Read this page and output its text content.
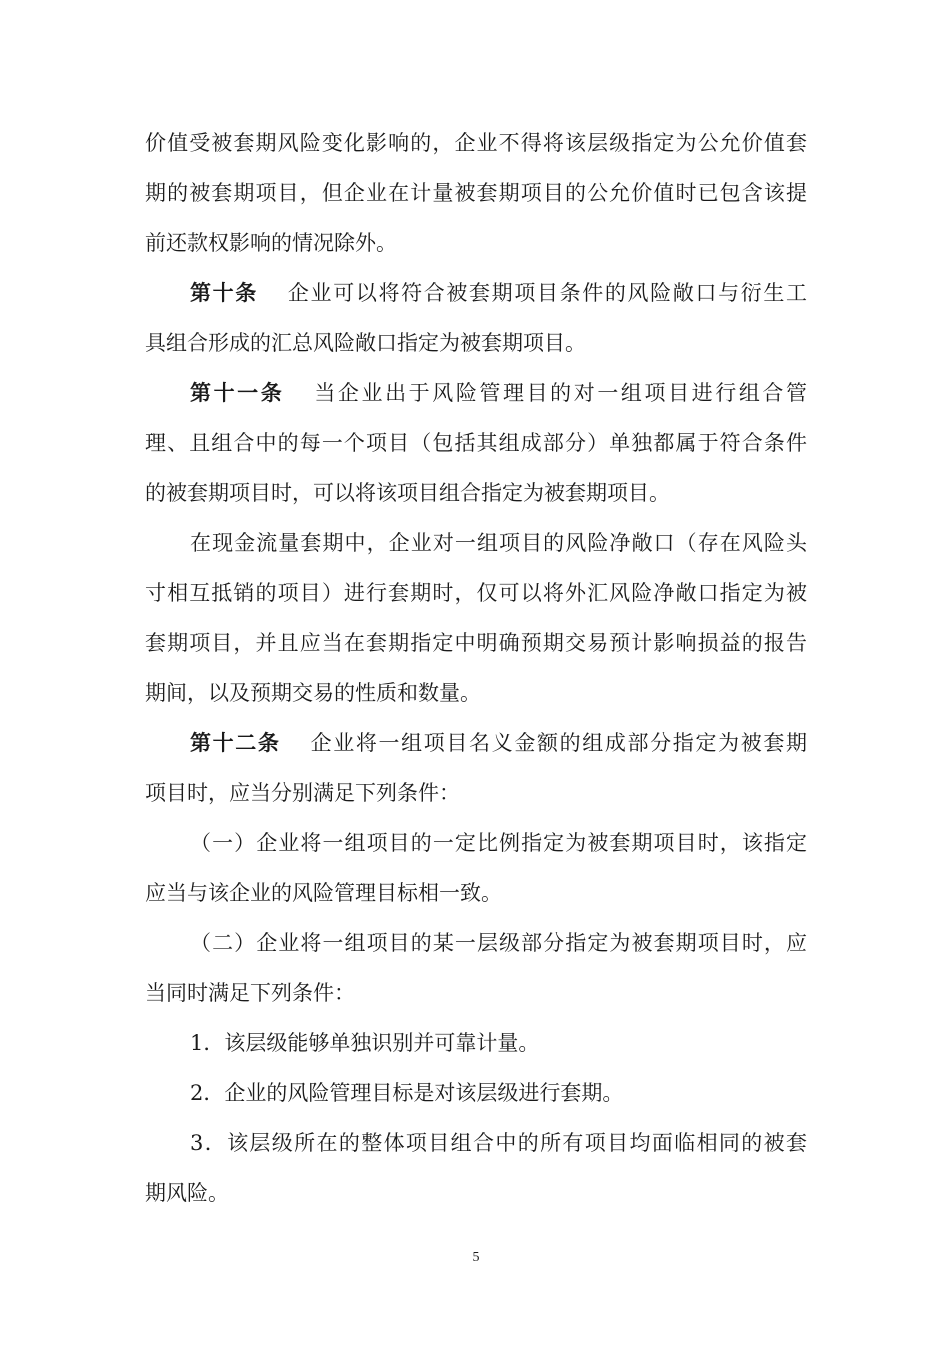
价值受被套期风险变化影响的，企业不得将该层级指定为公允价值套
期的被套期项目，但企业在计量被套期项目的公允价值时已包含该提
前还款权影响的情况除外。
第十条 企业可以将符合被套期项目条件的风险敞口与衍生工
具组合形成的汇总风险敞口指定为被套期项目。
第十一条 当企业出于风险管理目的对一组项目进行组合管
理、且组合中的每一个项目（包括其组成部分）单独都属于符合条件
的被套期项目时，可以将该项目组合指定为被套期项目。
在现金流量套期中，企业对一组项目的风险净敞口（存在风险头
寸相互抵销的项目）进行套期时，仅可以将外汇风险净敞口指定为被
套期项目，并且应当在套期指定中明确预期交易预计影响损益的报告
期间，以及预期交易的性质和数量。
第十二条 企业将一组项目名义金额的组成部分指定为被套期
项目时，应当分别满足下列条件：
（一）企业将一组项目的一定比例指定为被套期项目时，该指定
应当与该企业的风险管理目标相一致。
（二）企业将一组项目的某一层级部分指定为被套期项目时，应
当同时满足下列条件：
1．该层级能够单独识别并可靠计量。
2．企业的风险管理目标是对该层级进行套期。
3．该层级所在的整体项目组合中的所有项目均面临相同的被套
期风险。
5
